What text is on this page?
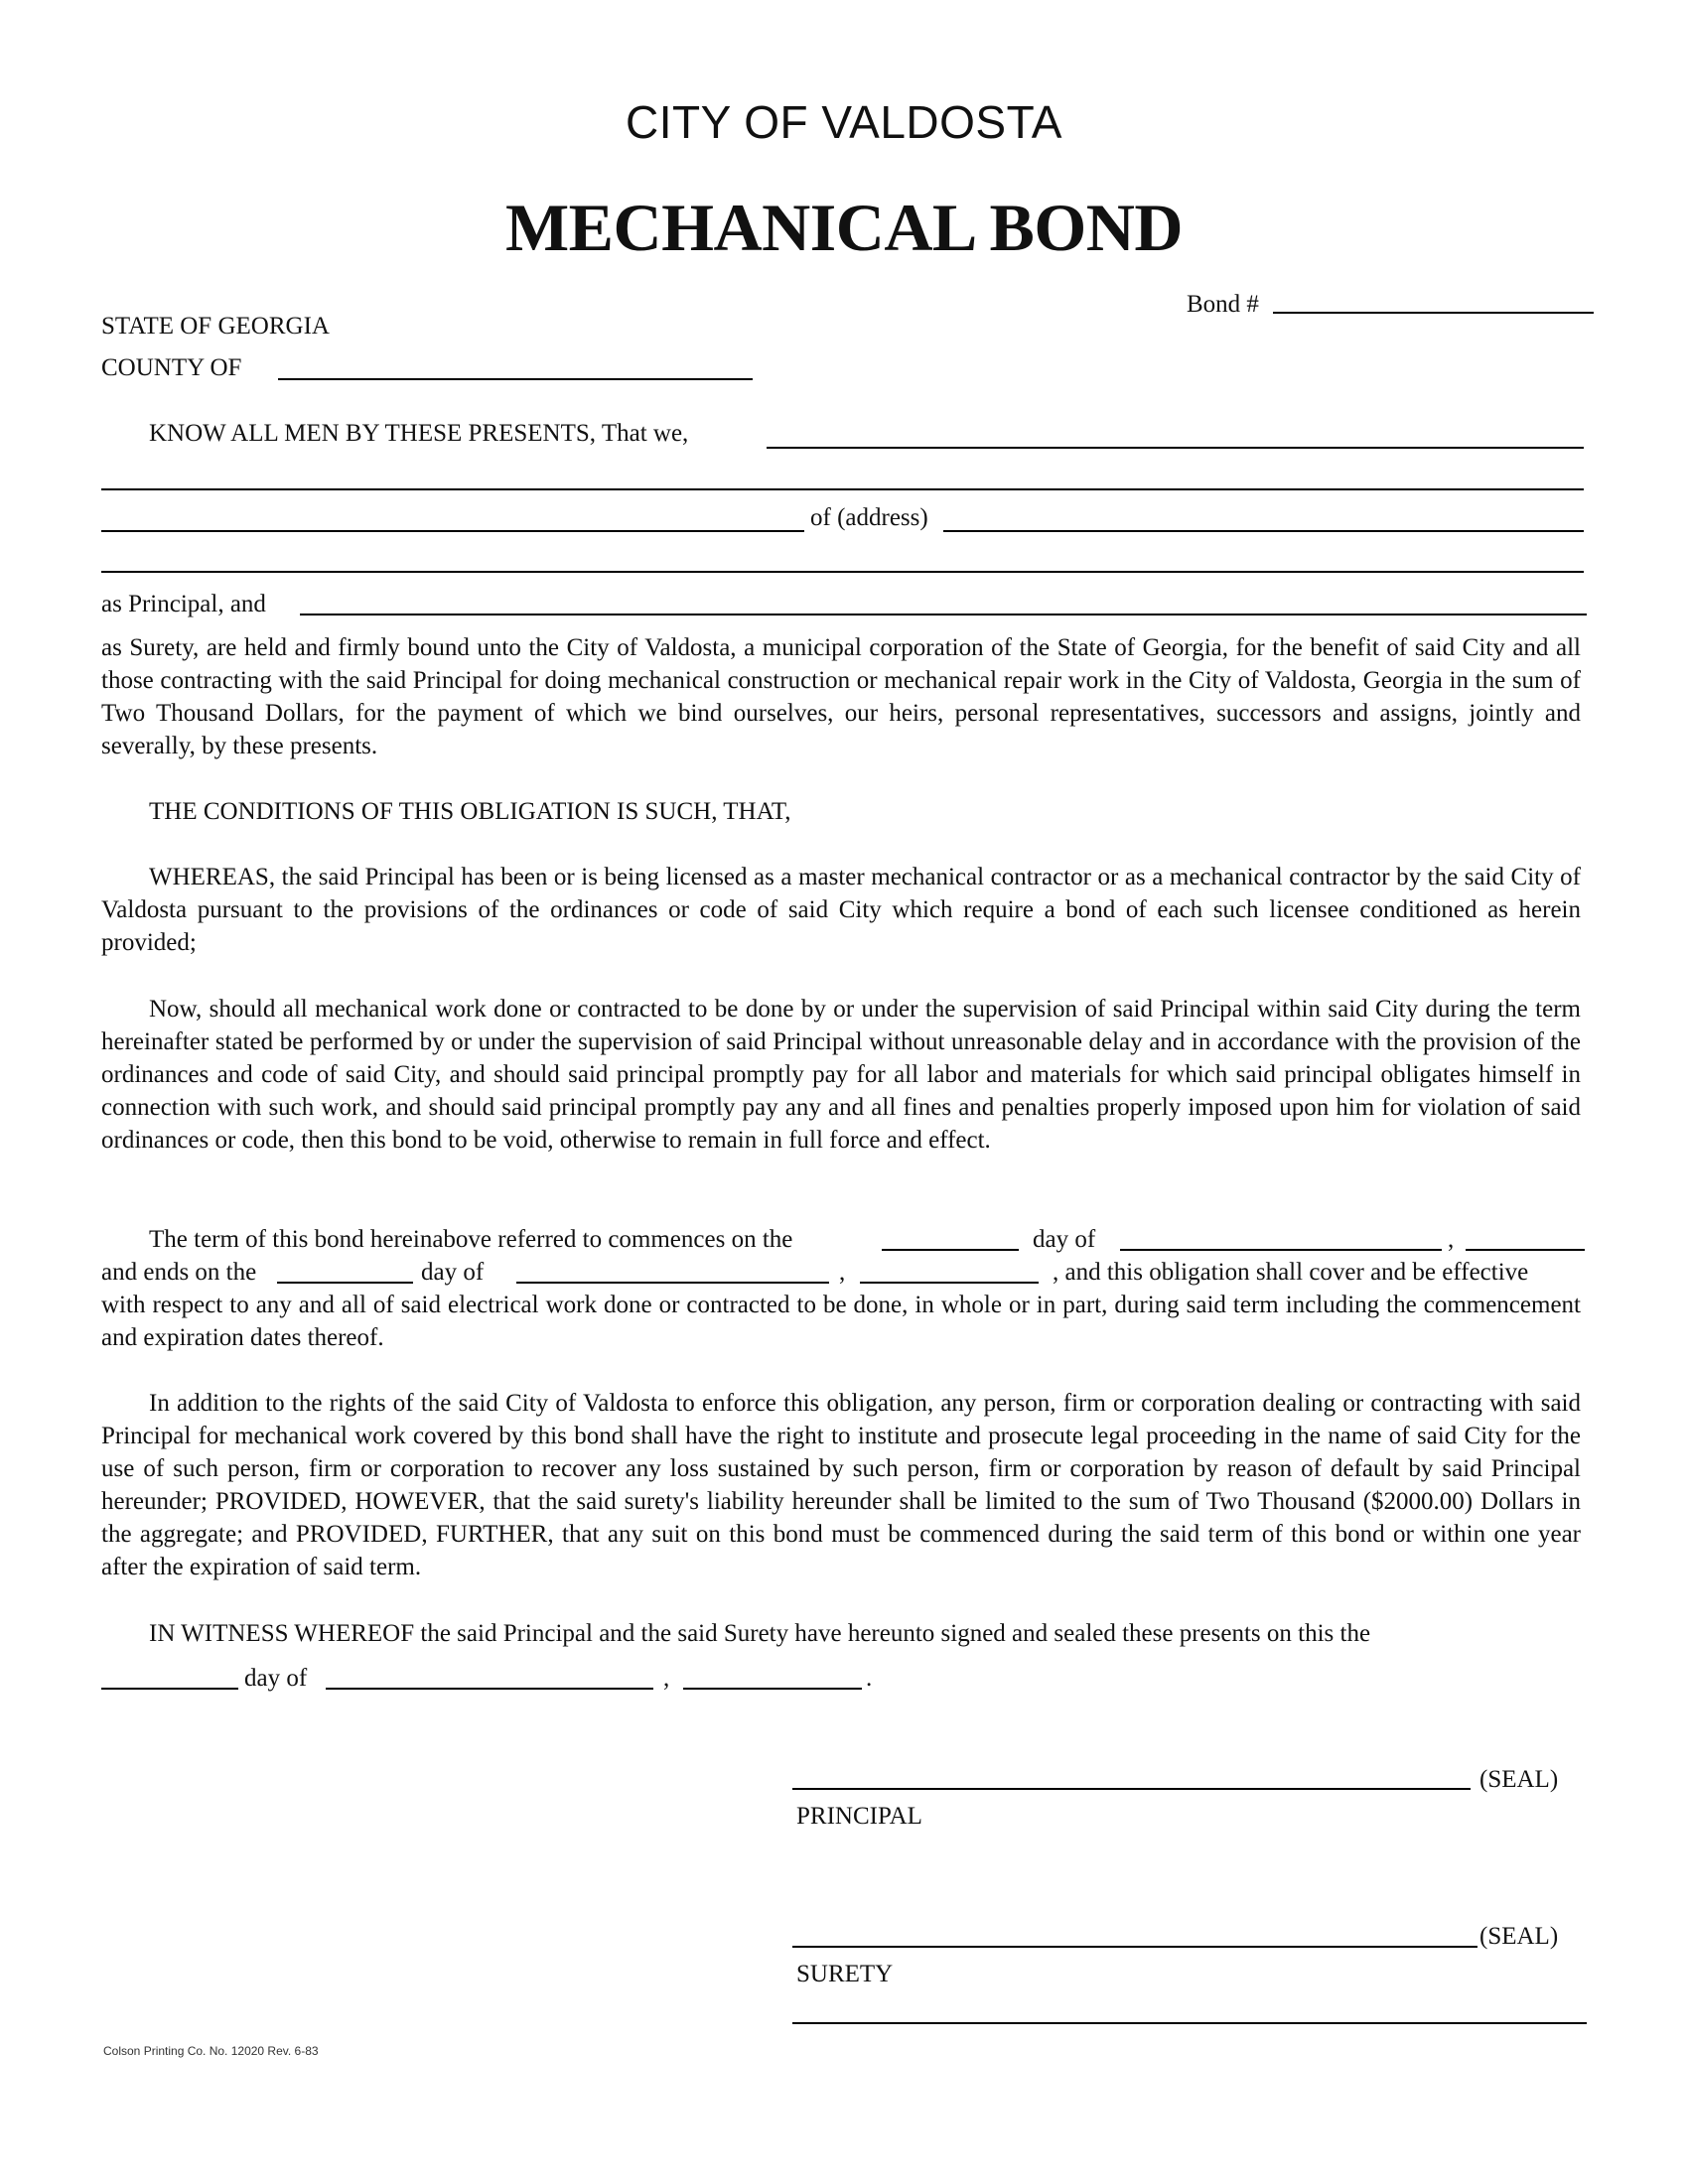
CITY OF VALDOSTA
MECHANICAL BOND
Bond #
STATE OF GEORGIA
COUNTY OF
KNOW ALL MEN BY THESE PRESENTS, That we,
of (address)
as Principal, and
as Surety, are held and firmly bound unto the City of Valdosta, a municipal corporation of the State of Georgia, for the benefit of said City and all those contracting with the said Principal for doing mechanical construction or mechanical repair work in the City of Valdosta, Georgia in the sum of Two Thousand Dollars, for the payment of which we bind ourselves, our heirs, personal representatives, successors and assigns, jointly and severally, by these presents.
THE CONDITIONS OF THIS OBLIGATION IS SUCH, THAT,
WHEREAS, the said Principal has been or is being licensed as a master mechanical contractor or as a mechanical contractor by the said City of Valdosta pursuant to the provisions of the ordinances or code of said City which require a bond of each such licensee conditioned as herein provided;
Now, should all mechanical work done or contracted to be done by or under the supervision of said Principal within said City during the term hereinafter stated be performed by or under the supervision of said Principal without unreasonable delay and in accordance with the provision of the ordinances and code of said City, and should said principal promptly pay for all labor and materials for which said principal obligates himself in connection with such work, and should said principal promptly pay any and all fines and penalties properly imposed upon him for violation of said ordinances or code, then this bond to be void, otherwise to remain in full force and effect.
The term of this bond hereinabove referred to commences on the	day of	,
and ends on the	day of	,	, and this obligation shall cover and be effective
with respect to any and all of said electrical work done or contracted to be done, in whole or in part, during said term including the commencement and expiration dates thereof.
In addition to the rights of the said City of Valdosta to enforce this obligation, any person, firm or corporation dealing or contracting with said Principal for mechanical work covered by this bond shall have the right to institute and prosecute legal proceeding in the name of said City for the use of such person, firm or corporation to recover any loss sustained by such person, firm or corporation by reason of default by said Principal hereunder; PROVIDED, HOWEVER, that the said surety's liability hereunder shall be limited to the sum of Two Thousand ($2000.00) Dollars in the aggregate; and PROVIDED, FURTHER, that any suit on this bond must be commenced during the said term of this bond or within one year after the expiration of said term.
IN WITNESS WHEREOF the said Principal and the said Surety have hereunto signed and sealed these presents on this the
day of	,	.
(SEAL)
PRINCIPAL
(SEAL)
SURETY
Colson Printing Co. No. 12020 Rev. 6-83
